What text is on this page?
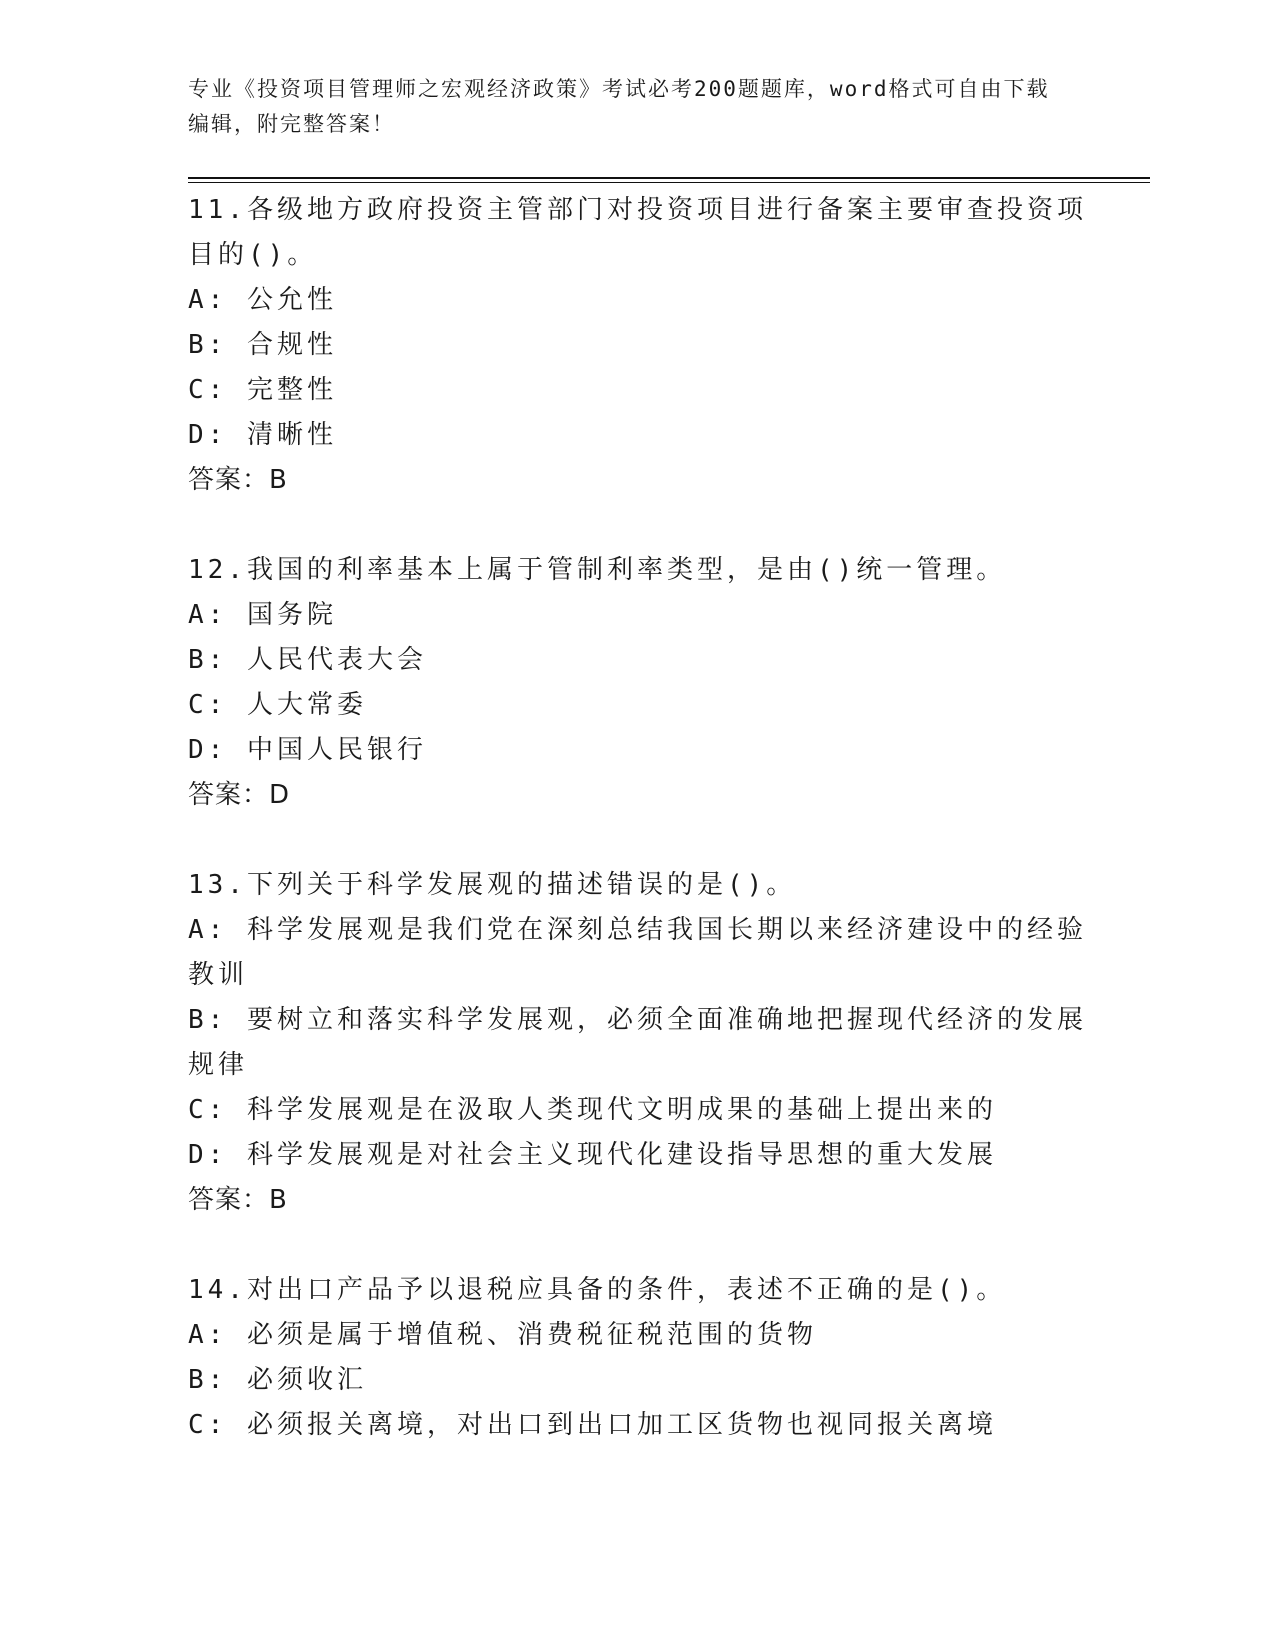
专业《投资项目管理师之宏观经济政策》考试必考200题题库，word格式可自由下载编辑，附完整答案！
11.各级地方政府投资主管部门对投资项目进行备案主要审查投资项目的()。
A: 公允性
B: 合规性
C: 完整性
D: 清晰性
答案：B
12.我国的利率基本上属于管制利率类型，是由()统一管理。
A: 国务院
B: 人民代表大会
C: 人大常委
D: 中国人民银行
答案：D
13.下列关于科学发展观的描述错误的是()。
A: 科学发展观是我们党在深刻总结我国长期以来经济建设中的经验教训
B: 要树立和落实科学发展观，必须全面准确地把握现代经济的发展规律
C: 科学发展观是在汲取人类现代文明成果的基础上提出来的
D: 科学发展观是对社会主义现代化建设指导思想的重大发展
答案：B
14.对出口产品予以退税应具备的条件，表述不正确的是()。
A: 必须是属于增值税、消费税征税范围的货物
B: 必须收汇
C: 必须报关离境，对出口到出口加工区货物也视同报关离境
